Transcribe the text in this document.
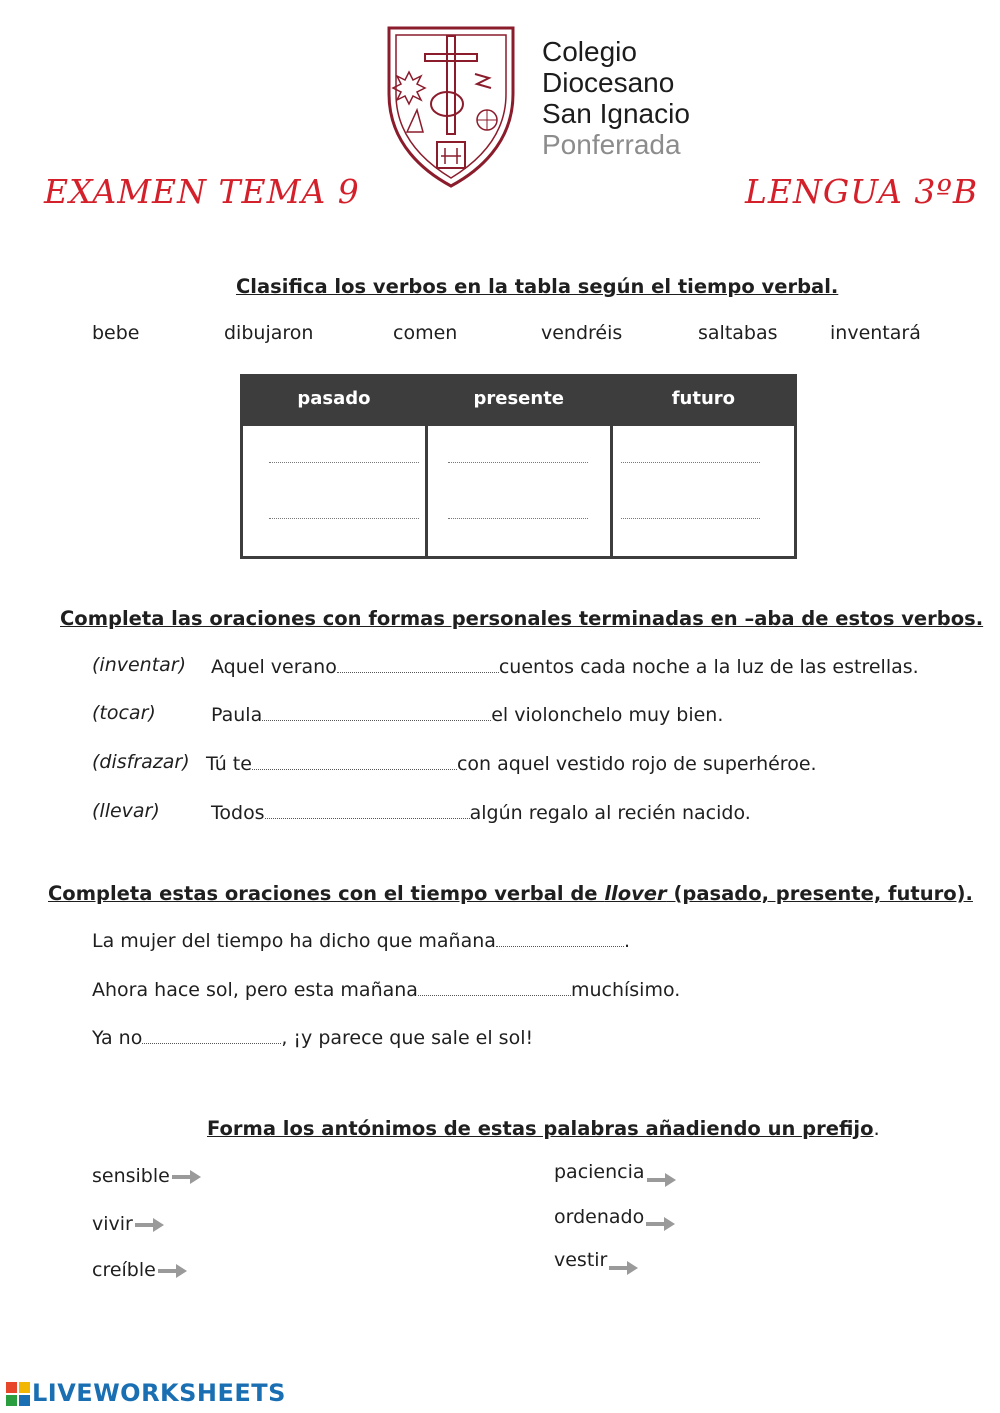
Colegio
Diocesano
San Ignacio
Ponferrada
EXAMEN TEMA 9	LENGUA 3ºB
Clasifica los verbos en la tabla según el tiempo verbal.
bebe	dibujaron	comen	vendréis	saltabas	inventará
pasado	presente	futuro

Completa las oraciones con formas personales terminadas en –aba de estos verbos.
(inventar) Aquel verano	cuentos cada noche a la luz de las estrellas.
(tocar)	Paula	el violonchelo muy bien.
(disfrazar) Tú te	con aquel vestido rojo de superhéroe.
(llevar)	Todos	algún regalo al recién nacido.
Completa estas oraciones con el tiempo verbal de llover (pasado, presente, futuro).
La mujer del tiempo ha dicho que mañana	.
Ahora hace sol, pero esta mañana	muchísimo.
Ya no	, ¡y parece que sale el sol!
Forma los antónimos de estas palabras añadiendo un prefijo.
sensible
vivir
creíble
paciencia
ordenado
vestir
LIVEWORKSHEETS
